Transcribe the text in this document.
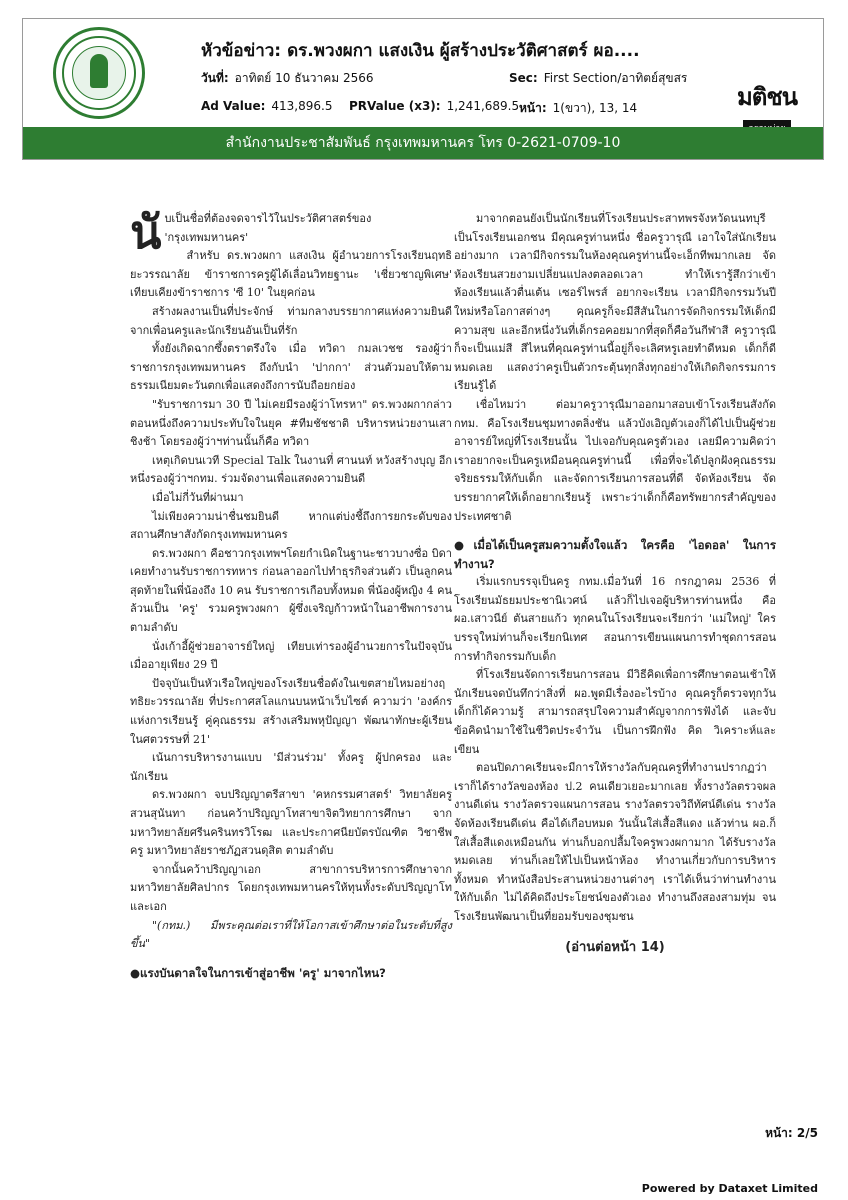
หัวข้อข่าว: ดร.พวงผกา แสงเงิน ผู้สร้างประวัติศาสตร์ ผอ....
วันที่: อาทิตย์ 10 ธันวาคม 2566	Sec: First Section/อาทิตย์สุขสร
Ad Value: 413,896.5 PRValue (x3): 1,241,689.5 หน้า: 1(ขวา), 13, 14	มติชน
สำนักงานประชาสัมพันธ์ กรุงเทพมหานคร โทร 0-2621-0709-10

นับเป็นชื่อที่ต้องจดจารไว้ในประวัติศาสตร์ของ 'กรุงเทพมหานคร'

สำหรับ ดร.พวงผกา แสงเงิน ผู้อำนวยการโรงเรียนฤทธิยะวรรณาลัย ข้าราชการครูผู้ได้เลื่อนวิทยฐานะ 'เชี่ยวชาญพิเศษ' เทียบเคียงข้าราชการ 'ซี 10' ในยุคก่อน

สร้างผลงานเป็นที่ประจักษ์ ท่ามกลางบรรยากาศแห่งความยินดีจากเพื่อนครูและนักเรียนอันเป็นที่รัก

ทั้งยังเกิดฉากซึ้งตราตรึงใจ เมื่อ ทวิดา กมลเวชช รองผู้ว่าราชการกรุงเทพมหานคร ถึงกับนำ 'ปากกา' ส่วนตัวมอบให้ตามธรรมเนียมตะวันตกเพื่อแสดงถึงการนับถือยกย่อง

"รับราชการมา 30 ปี ไม่เคยมีรองผู้ว่าโทรหา" ดร.พวงผกากล่าวตอนหนึ่งถึงความประทับใจในยุค #ทีมชัชชาติ บริหารหน่วยงานเสาชิงช้า โดยรองผู้ว่าฯท่านนั้นก็คือ ทวิดา

เหตุเกิดบนเวที Special Talk ในงานที่ ศานนท์ หวังสร้างบุญ อีกหนึ่งรองผู้ว่าฯกทม. ร่วมจัดงานเพื่อแสดงความยินดี

เมื่อไม่กี่วันที่ผ่านมา

ไม่เพียงความน่าชื่นชมยินดี หากแต่บ่งชี้ถึงการยกระดับของสถานศึกษาสังกัดกรุงเทพมหานคร

ดร.พวงผกา คือชาวกรุงเทพฯโดยกำเนิดในฐานะชาวบางซื่อ บิดาเคยทำงานรับราชการทหาร ก่อนลาออกไปทำธุรกิจส่วนตัว เป็นลูกคนสุดท้ายในพี่น้องถึง 10 คน รับราชการเกือบทั้งหมด พี่น้องผู้หญิง 4 คน ล้วนเป็น 'ครู' รวมครูพวงผกา ผู้ซึ่งเจริญก้าวหน้าในอาชีพการงานตามลำดับ

นั่งเก้าอี้ผู้ช่วยอาจารย์ใหญ่ เทียบเท่ารองผู้อำนวยการในปัจจุบัน เมื่ออายุเพียง 29 ปี

ปัจจุบันเป็นหัวเรือใหญ่ของโรงเรียนชื่อดังในเขตสายไหมอย่างฤทธิยะวรรณาลัย ที่ประกาศสโลแกนบนหน้าเว็บไซต์ ความว่า 'องค์กรแห่งการเรียนรู้ คู่คุณธรรม สร้างเสริมพหุปัญญา พัฒนาทักษะผู้เรียนในศตวรรษที่ 21'

เน้นการบริหารงานแบบ 'มีส่วนร่วม' ทั้งครู ผู้ปกครอง และนักเรียน

ดร.พวงผกา จบปริญญาตรีสาขา 'คหกรรมศาสตร์' วิทยาลัยครูสวนสุนันทา ก่อนคว้าปริญญาโทสาขาจิตวิทยาการศึกษา จากมหาวิทยาลัยศรีนครินทรวิโรฒ และประกาศนียบัตรบัณฑิต วิชาชีพครู มหาวิทยาลัยราชภัฏสวนดุสิต ตามลำดับ

จากนั้นคว้าปริญญาเอก สาขาการบริหารการศึกษาจากมหาวิทยาลัยศิลปากร โดยกรุงเทพมหานครให้ทุนทั้งระดับปริญญาโทและเอก

"(กทม.) มีพระคุณต่อเราที่ให้โอกาสเข้าศึกษาต่อในระดับที่สูงขึ้น"

●แรงบันดาลใจในการเข้าสู่อาชีพ 'ครู' มาจากไหน?

มาจากตอนยังเป็นนักเรียนที่โรงเรียนประสาทพรจังหวัดนนทบุรี เป็นโรงเรียนเอกชน มีคุณครูท่านหนึ่ง ชื่อครูวารุณี เอาใจใส่นักเรียนอย่างมาก เวลามีกิจกรรมในห้องคุณครูท่านนี้จะเอ็กทีพมากเลย จัดห้องเรียนสวยงามเปลี่ยนแปลงตลอดเวลา ทำให้เรารู้สึกว่าเข้าห้องเรียนแล้วตื่นเต้น เซอร์ไพรส์ อยากจะเรียน เวลามีกิจกรรมวันปีใหม่หรือโอกาสต่างๆ คุณครูก็จะมีสีสันในการจัดกิจกรรมให้เด็กมีความสุข และอีกหนึ่งวันที่เด็กรอคอยมากที่สุดก็คือวันกีฬาสี ครูวารุณีก็จะเป็นแม่สี สีไหนที่คุณครูท่านนี้อยู่ก็จะเลิศหรูเลยทำดีหมด เด็กก็ดีหมดเลย แสดงว่าครูเป็นตัวกระตุ้นทุกสิ่งทุกอย่างให้เกิดกิจกรรมการเรียนรู้ได้

เชื่อไหมว่า ต่อมาครูวารุณีมาออกมาสอบเข้าโรงเรียนสังกัด กทม. คือโรงเรียนชุมทางตลิ่งชัน แล้วบังเอิญตัวเองก็ได้ไปเป็นผู้ช่วยอาจารย์ใหญ่ที่โรงเรียนนั้น ไปเจอกับคุณครูตัวเอง เลยมีความคิดว่าเราอยากจะเป็นครูเหมือนคุณครูท่านนี้ เพื่อที่จะได้ปลูกฝังคุณธรรมจริยธรรมให้กับเด็ก และจัดการเรียนการสอนที่ดี จัดห้องเรียน จัดบรรยากาศให้เด็กอยากเรียนรู้ เพราะว่าเด็กก็คือทรัพยากรสำคัญของประเทศชาติ

●เมื่อได้เป็นครูสมความตั้งใจแล้ว ใครคือ 'ไอดอล' ในการทำงาน?

เริ่มแรกบรรจุเป็นครู กทม.เมื่อวันที่ 16 กรกฎาคม 2536 ที่โรงเรียนมัธยมประชานิเวศน์ แล้วก็ไปเจอผู้บริหารท่านหนึ่ง คือ ผอ.เสาวนีย์ ตันสายแก้ว ทุกคนในโรงเรียนจะเรียกว่า 'แม่ใหญ่' ใครบรรจุใหม่ท่านก็จะเรียกนิเทศ สอนการเขียนแผนการทำชุดการสอน การทำกิจกรรมกับเด็ก

ที่โรงเรียนจัดการเรียนการสอน มีวิธีคิดเพื่อการศึกษาตอนเช้าให้นักเรียนจดบันทึกว่าสิ่งที่ ผอ.พูดมีเรื่องอะไรบ้าง คุณครูก็ตรวจทุกวัน เด็กก็ได้ความรู้ สามารถสรุปใจความสำคัญจากการฟังได้ และจับข้อคิดนำมาใช้ในชีวิตประจำวัน เป็นการฝึกฟัง คิด วิเคราะห์และเขียน

ตอนปิดภาคเรียนจะมีการให้รางวัลกับคุณครูที่ทำงานปรากฏว่าเราก็ได้รางวัลของห้อง ป.2 คนเดียวเยอะมากเลย ทั้งรางวัลตรวจผลงานดีเด่น รางวัลตรวจแผนการสอน รางวัลตรวจวิถีทัศน์ดีเด่น รางวัลจัดห้องเรียนดีเด่น คือได้เกือบหมด วันนั้นใส่เสื้อสีแดง แล้วท่าน ผอ.ก็ใส่เสื้อสีแดงเหมือนกัน ท่านก็บอกปลื้มใจครูพวงผกามาก ได้รับรางวัลหมดเลย ท่านก็เลยให้ไปเป็นหน้าห้อง ทำงานเกี่ยวกับการบริหารทั้งหมด ทำหนังสือประสานหน่วยงานต่างๆ เราได้เห็นว่าท่านทำงานให้กับเด็ก ไม่ได้คิดถึงประโยชน์ของตัวเอง ทำงานถึงสองสามทุ่ม จนโรงเรียนพัฒนาเป็นที่ยอมรับของชุมชน

(อ่านต่อหน้า 14)

หน้า: 2/5
Powered by Dataxet Limited
